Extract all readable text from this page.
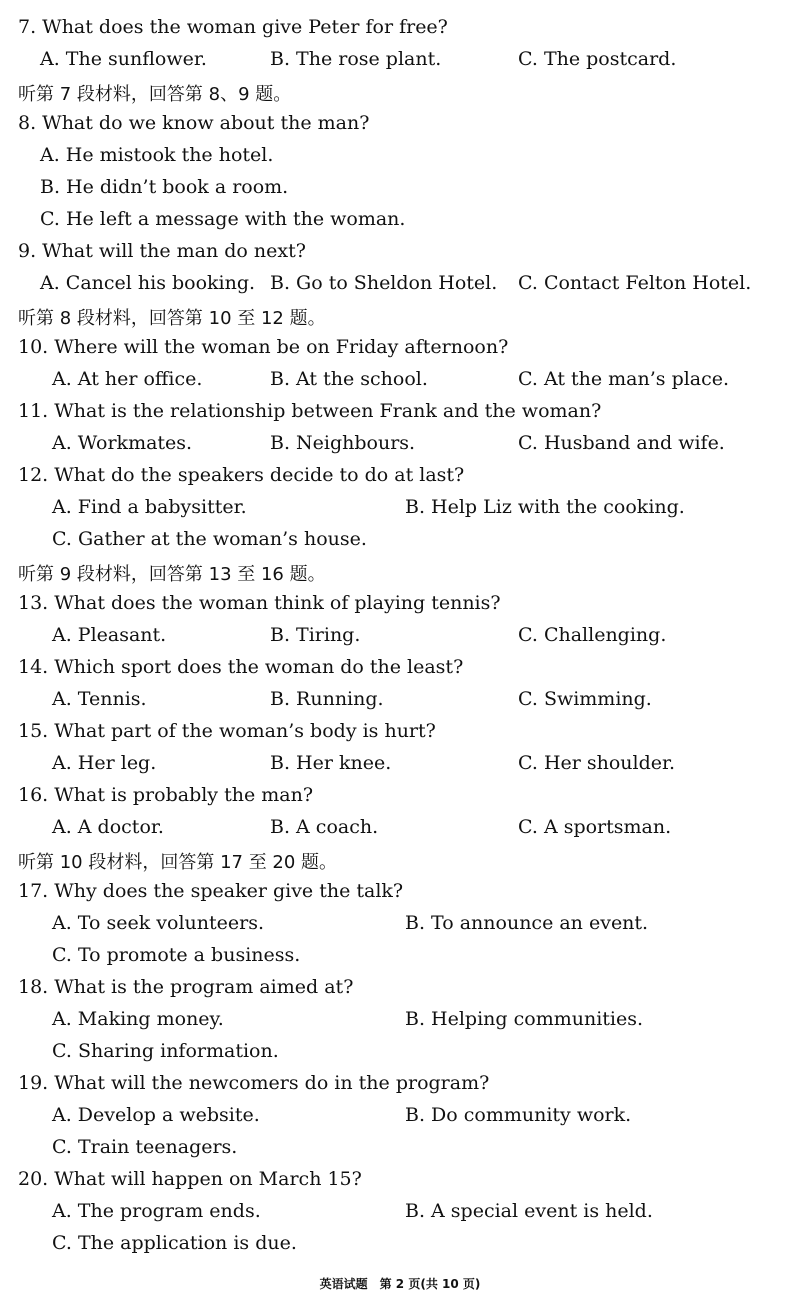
7. What does the woman give Peter for free?
A. The sunflower.	B. The rose plant.	C. The postcard.
听第 7 段材料，回答第 8、9 题。
8. What do we know about the man?
A. He mistook the hotel.
B. He didn’t book a room.
C. He left a message with the woman.
9. What will the man do next?
A. Cancel his booking. B. Go to Sheldon Hotel. C. Contact Felton Hotel.
听第 8 段材料，回答第 10 至 12 题。
10. Where will the woman be on Friday afternoon?
A. At her office.	B. At the school.	C. At the man’s place.
11. What is the relationship between Frank and the woman?
A. Workmates.	B. Neighbours.	C. Husband and wife.
12. What do the speakers decide to do at last?
A. Find a babysitter.	B. Help Liz with the cooking.
C. Gather at the woman’s house.
听第 9 段材料，回答第 13 至 16 题。
13. What does the woman think of playing tennis?
A. Pleasant.	B. Tiring.	C. Challenging.
14. Which sport does the woman do the least?
A. Tennis.	B. Running.	C. Swimming.
15. What part of the woman’s body is hurt?
A. Her leg.	B. Her knee.	C. Her shoulder.
16. What is probably the man?
A. A doctor.	B. A coach.	C. A sportsman.
听第 10 段材料，回答第 17 至 20 题。
17. Why does the speaker give the talk?
A. To seek volunteers.	B. To announce an event.
C. To promote a business.
18. What is the program aimed at?
A. Making money.	B. Helping communities.
C. Sharing information.
19. What will the newcomers do in the program?
A. Develop a website.	B. Do community work.
C. Train teenagers.
20. What will happen on March 15?
A. The program ends.	B. A special event is held.
C. The application is due.
英语试题　第 2 页(共 10 页)
